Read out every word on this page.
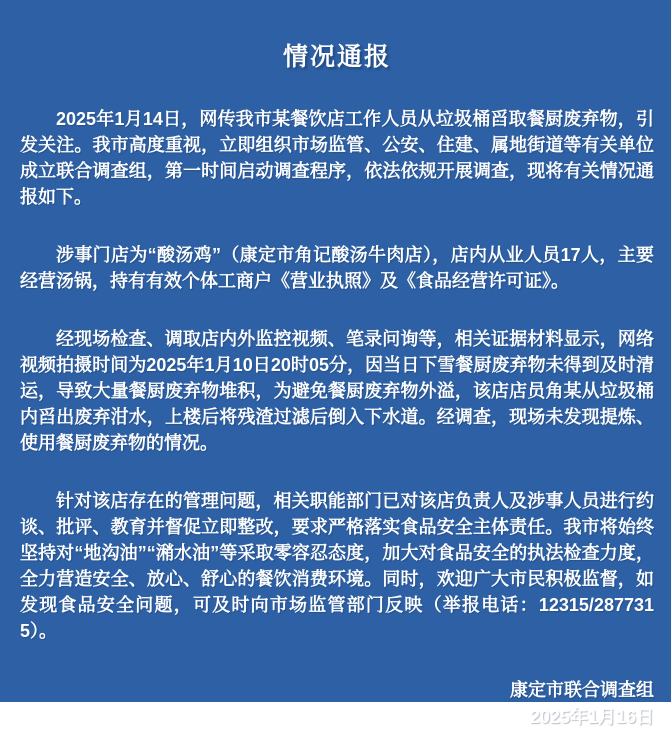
情况通报

2025年1月14日，网传我市某餐饮店工作人员从垃圾桶舀取餐厨废弃物，引发关注。我市高度重视，立即组织市场监管、公安、住建、属地街道等有关单位成立联合调查组，第一时间启动调查程序，依法依规开展调查，现将有关情况通报如下。

涉事门店为“酸汤鸡”（康定市角记酸汤牛肉店），店内从业人员17人，主要经营汤锅，持有有效个体工商户《营业执照》及《食品经营许可证》。

经现场检查、调取店内外监控视频、笔录问询等，相关证据材料显示，网络视频拍摄时间为2025年1月10日20时05分，因当日下雪餐厨废弃物未得到及时清运，导致大量餐厨废弃物堆积，为避免餐厨废弃物外溢，该店店员角某从垃圾桶内舀出废弃泔水，上楼后将残渣过滤后倒入下水道。经调查，现场未发现提炼、使用餐厨废弃物的情况。

针对该店存在的管理问题，相关职能部门已对该店负责人及涉事人员进行约谈、批评、教育并督促立即整改，要求严格落实食品安全主体责任。我市将始终坚持对“地沟油”“潲水油”等采取零容忍态度，加大对食品安全的执法检查力度，全力营造安全、放心、舒心的餐饮消费环境。同时，欢迎广大市民积极监督，如发现食品安全问题，可及时向市场监管部门反映（举报电话：12315/2877315）。

康定市联合调查组
2025年1月16日
